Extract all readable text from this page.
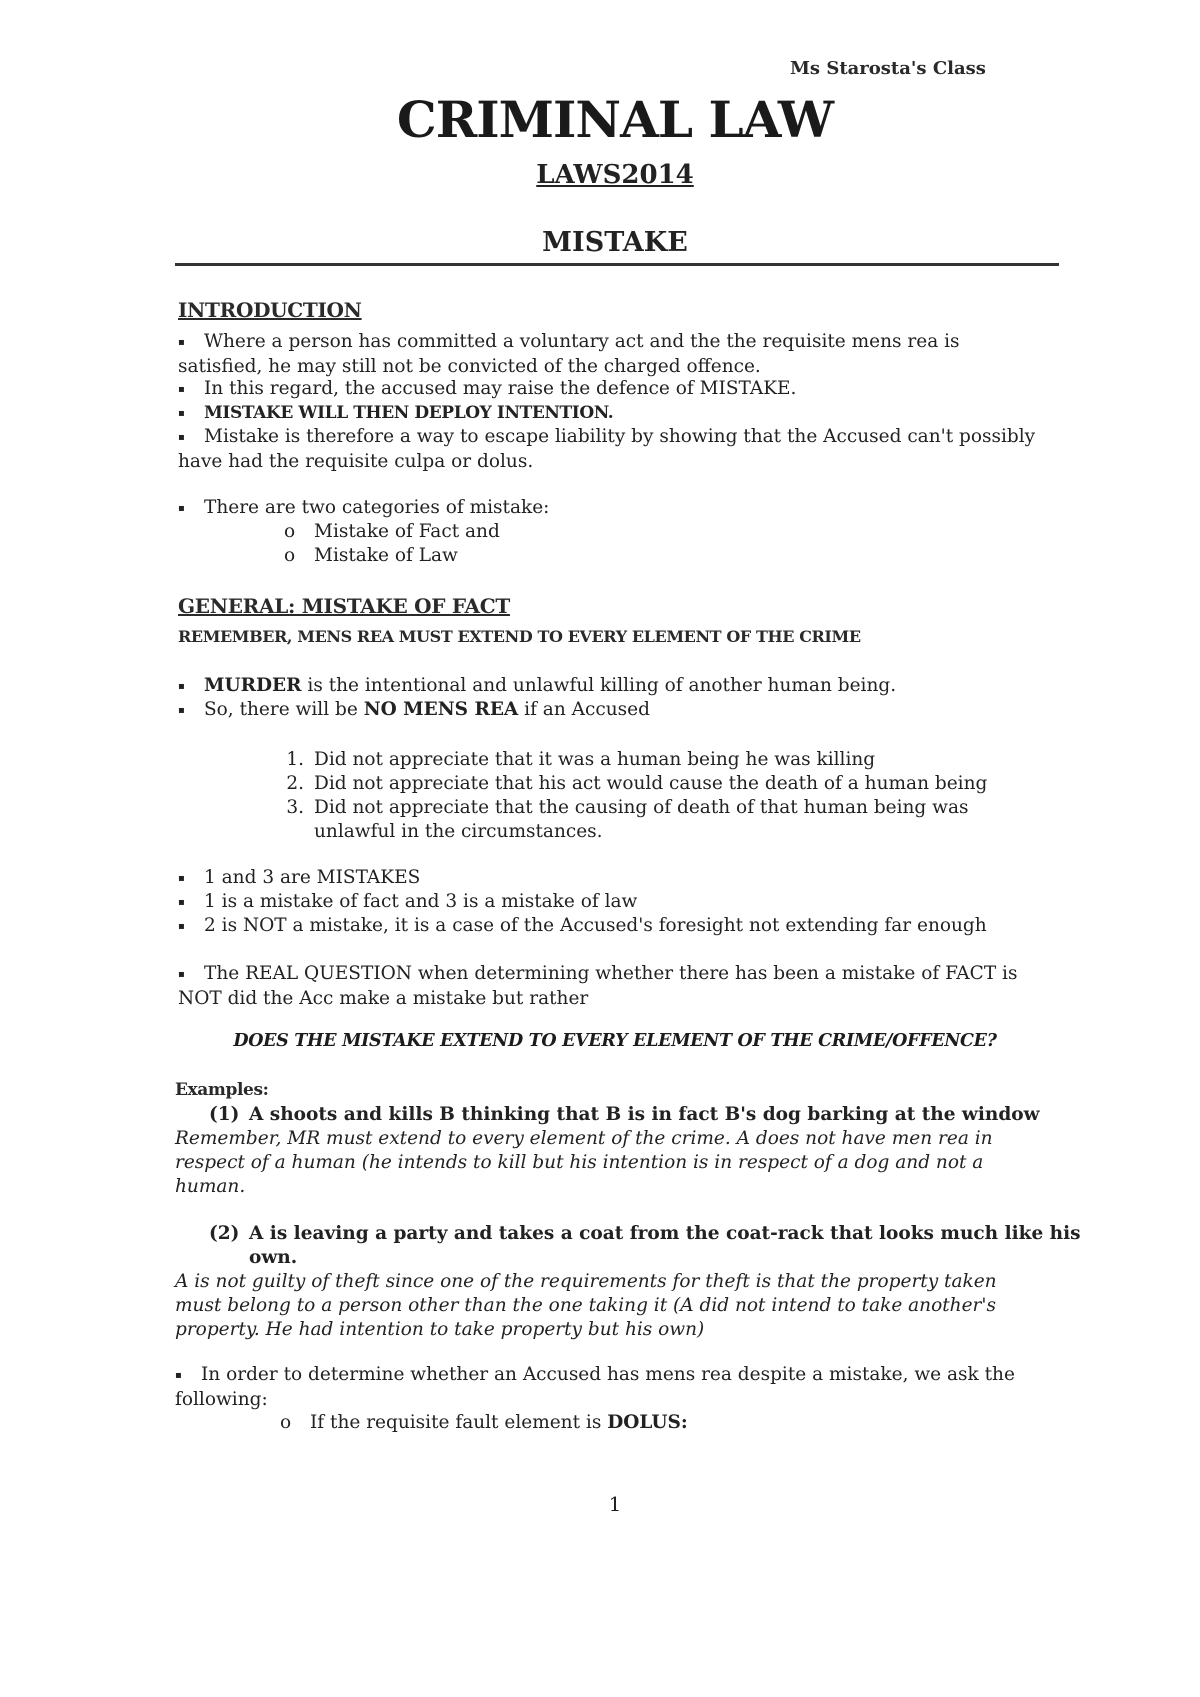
Ms Starosta's Class
CRIMINAL LAW
LAWS2014
MISTAKE
INTRODUCTION
▪ Where a person has committed a voluntary act and the the requisite mens rea is
satisfied, he may still not be convicted of the charged offence.
▪ In this regard, the accused may raise the defence of MISTAKE.
▪ MISTAKE WILL THEN DEPLOY INTENTION.
▪ Mistake is therefore a way to escape liability by showing that the Accused can't possibly
have had the requisite culpa or dolus.
▪ There are two categories of mistake:
o Mistake of Fact and
o Mistake of Law
GENERAL: MISTAKE OF FACT
REMEMBER, MENS REA MUST EXTEND TO EVERY ELEMENT OF THE CRIME
▪ MURDER is the intentional and unlawful killing of another human being.
▪ So, there will be NO MENS REA if an Accused
1. Did not appreciate that it was a human being he was killing
2. Did not appreciate that his act would cause the death of a human being
3. Did not appreciate that the causing of death of that human being was
unlawful in the circumstances.
▪ 1 and 3 are MISTAKES
▪ 1 is a mistake of fact and 3 is a mistake of law
▪ 2 is NOT a mistake, it is a case of the Accused's foresight not extending far enough
▪ The REAL QUESTION when determining whether there has been a mistake of FACT is
NOT did the Acc make a mistake but rather
DOES THE MISTAKE EXTEND TO EVERY ELEMENT OF THE CRIME/OFFENCE?
Examples:
(1) A shoots and kills B thinking that B is in fact B's dog barking at the window
Remember, MR must extend to every element of the crime. A does not have men rea in
respect of a human (he intends to kill but his intention is in respect of a dog and not a
human.
(2) A is leaving a party and takes a coat from the coat-rack that looks much like his
own.
A is not guilty of theft since one of the requirements for theft is that the property taken
must belong to a person other than the one taking it (A did not intend to take another's
property. He had intention to take property but his own)
▪ In order to determine whether an Accused has mens rea despite a mistake, we ask the
following:
o If the requisite fault element is DOLUS:
1
